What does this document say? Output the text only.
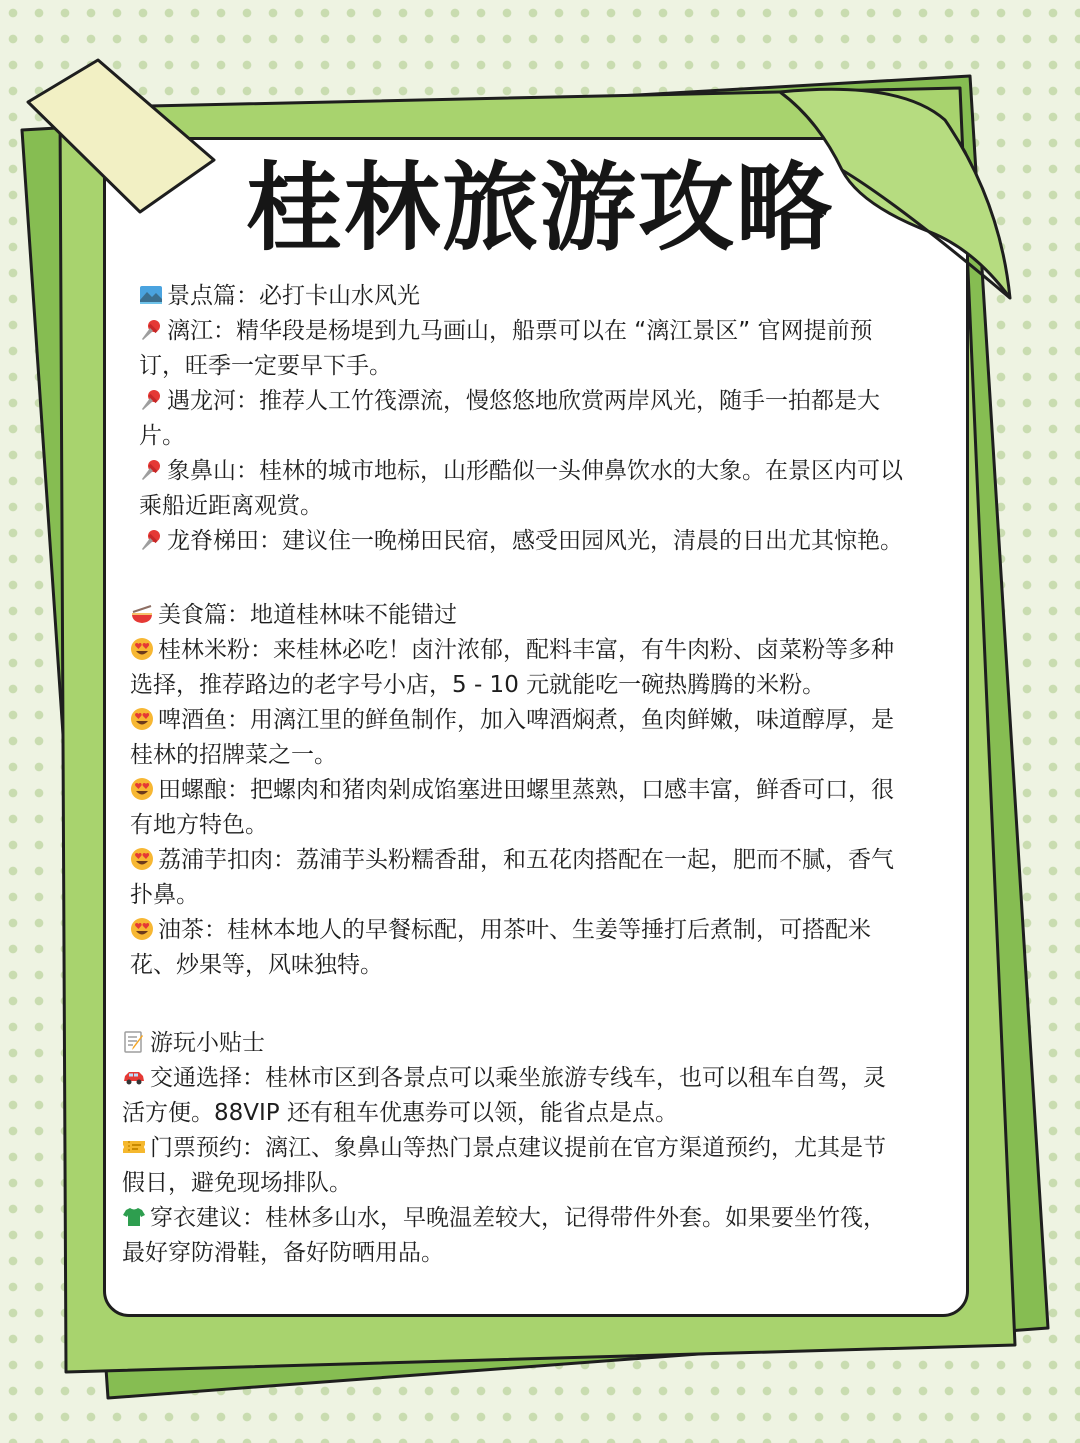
桂林旅游攻略
景点篇：必打卡山水风光
漓江：精华段是杨堤到九马画山，船票可以在 “漓江景区” 官网提前预
订，旺季一定要早下手。
遇龙河：推荐人工竹筏漂流，慢悠悠地欣赏两岸风光，随手一拍都是大
片。
象鼻山：桂林的城市地标，山形酷似一头伸鼻饮水的大象。在景区内可以
乘船近距离观赏。
龙脊梯田：建议住一晚梯田民宿，感受田园风光，清晨的日出尤其惊艳。
美食篇：地道桂林味不能错过
桂林米粉：来桂林必吃！卤汁浓郁，配料丰富，有牛肉粉、卤菜粉等多种
选择，推荐路边的老字号小店，5 - 10 元就能吃一碗热腾腾的米粉。
啤酒鱼：用漓江里的鲜鱼制作，加入啤酒焖煮，鱼肉鲜嫩，味道醇厚，是
桂林的招牌菜之一。
田螺酿：把螺肉和猪肉剁成馅塞进田螺里蒸熟，口感丰富，鲜香可口，很
有地方特色。
荔浦芋扣肉：荔浦芋头粉糯香甜，和五花肉搭配在一起，肥而不腻，香气
扑鼻。
油茶：桂林本地人的早餐标配，用茶叶、生姜等捶打后煮制，可搭配米
花、炒果等，风味独特。
游玩小贴士
交通选择：桂林市区到各景点可以乘坐旅游专线车，也可以租车自驾，灵
活方便。88VIP 还有租车优惠券可以领，能省点是点。
门票预约：漓江、象鼻山等热门景点建议提前在官方渠道预约，尤其是节
假日，避免现场排队。
穿衣建议：桂林多山水，早晚温差较大，记得带件外套。如果要坐竹筏，
最好穿防滑鞋，备好防晒用品。
